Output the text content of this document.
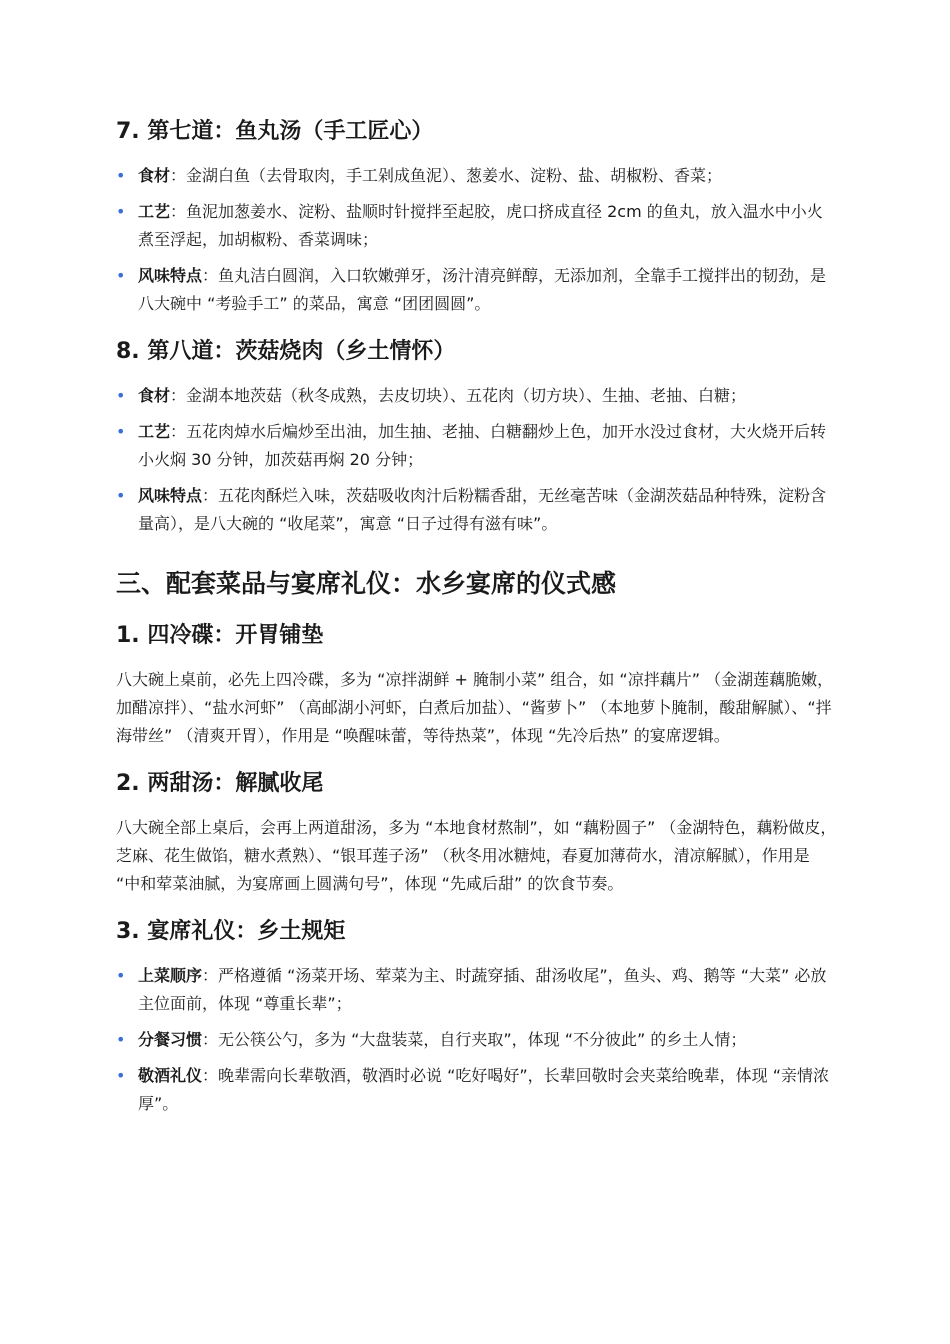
7. 第七道：鱼丸汤（手工匠心）
• 食材：金湖白鱼（去骨取肉，手工剁成鱼泥）、葱姜水、淀粉、盐、胡椒粉、香菜；
• 工艺：鱼泥加葱姜水、淀粉、盐顺时针搅拌至起胶，虎口挤成直径 2cm 的鱼丸，放入温水中小火煮至浮起，加胡椒粉、香菜调味；
• 风味特点：鱼丸洁白圆润，入口软嫩弹牙，汤汁清亮鲜醇，无添加剂，全靠手工搅拌出的韧劲，是八大碗中 “考验手工” 的菜品，寓意 “团团圆圆”。
8. 第八道：茨菇烧肉（乡土情怀）
• 食材：金湖本地茨菇（秋冬成熟，去皮切块）、五花肉（切方块）、生抽、老抽、白糖；
• 工艺：五花肉焯水后煸炒至出油，加生抽、老抽、白糖翻炒上色，加开水没过食材，大火烧开后转小火焖 30 分钟，加茨菇再焖 20 分钟；
• 风味特点：五花肉酥烂入味，茨菇吸收肉汁后粉糯香甜，无丝毫苦味（金湖茨菇品种特殊，淀粉含量高），是八大碗的 “收尾菜”，寓意 “日子过得有滋有味”。
三、配套菜品与宴席礼仪：水乡宴席的仪式感
1. 四冷碟：开胃铺垫

八大碗上桌前，必先上四冷碟，多为 “凉拌湖鲜 + 腌制小菜” 组合，如 “凉拌藕片” （金湖莲藕脆嫩，加醋凉拌）、“盐水河虾” （高邮湖小河虾，白煮后加盐）、“酱萝卜” （本地萝卜腌制，酸甜解腻）、“拌海带丝” （清爽开胃），作用是 “唤醒味蕾，等待热菜”，体现 “先冷后热” 的宴席逻辑。

2. 两甜汤：解腻收尾

八大碗全部上桌后，会再上两道甜汤，多为 “本地食材熬制”，如 “藕粉圆子” （金湖特色，藕粉做皮，芝麻、花生做馅，糖水煮熟）、“银耳莲子汤” （秋冬用冰糖炖，春夏加薄荷水，清凉解腻），作用是 “中和荤菜油腻，为宴席画上圆满句号”，体现 “先咸后甜” 的饮食节奏。

3. 宴席礼仪：乡土规矩
• 上菜顺序：严格遵循 “汤菜开场、荤菜为主、时蔬穿插、甜汤收尾”，鱼头、鸡、鹅等 “大菜” 必放主位面前，体现 “尊重长辈”；
• 分餐习惯：无公筷公勺，多为 “大盘装菜，自行夹取”，体现 “不分彼此” 的乡土人情；
• 敬酒礼仪：晚辈需向长辈敬酒，敬酒时必说 “吃好喝好”，长辈回敬时会夹菜给晚辈，体现 “亲情浓厚”。
